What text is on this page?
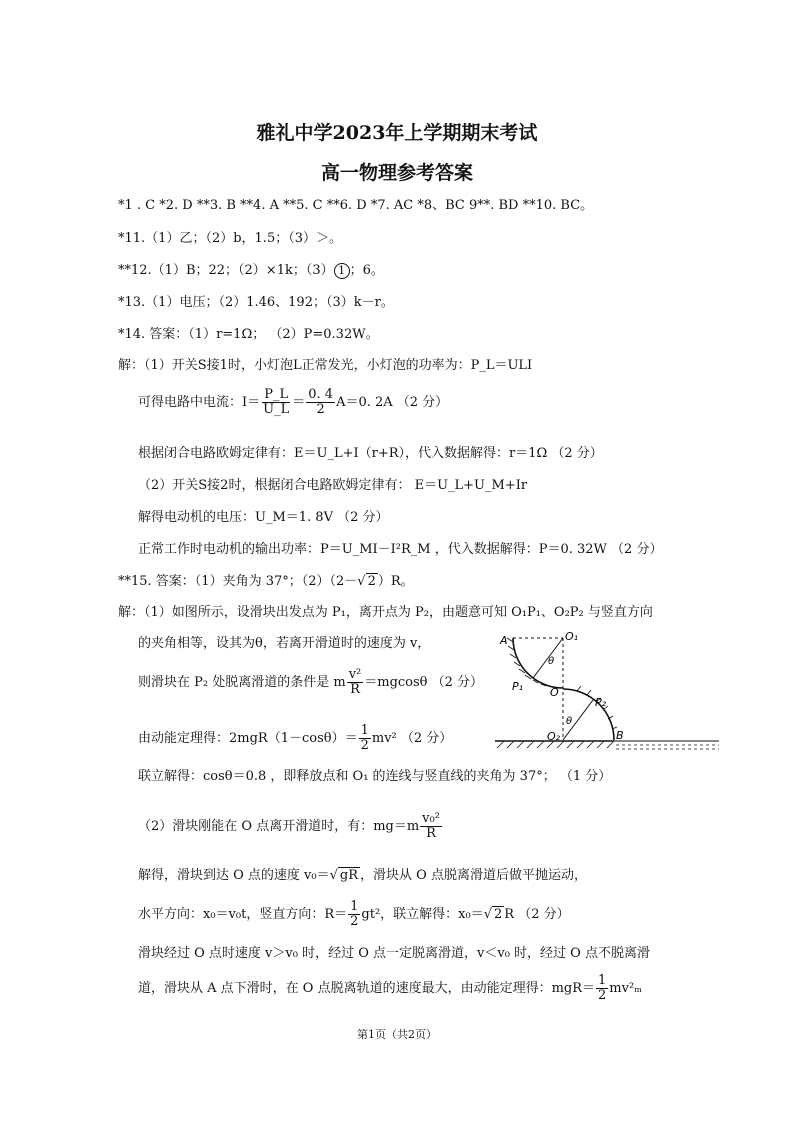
雅礼中学2023年上学期期末考试
高一物理参考答案
*1 . C *2. D **3. B **4. A **5. C **6. D *7. AC *8、BC 9**. BD **10. BC。
*11.（1）乙；（2）b，1.5；（3）＞。
**12.（1）B；22；（2）×1k；（3） 1 ；6。
*13.（1）电压；（2）1.46、192；（3）k－r。
*14. 答案：（1）r=1Ω； （2）P=0.32W。
解：（1）开关S接1时，小灯泡L正常发光，小灯泡的功率为：P_L＝ULI
可得电路中电流：$I= \frac{P\_L}{U\_L} = \frac{0. 4}{2} A=0$. 2A （2 分）
根据闭合电路欧姆定律有：E＝U_L+I（r+R），代入数据解得：r＝1Ω （2 分）
（2）开关S接2时，根据闭合电路欧姆定律有： E＝U_L+U_M+Ir
解得电动机的电压：U_M＝1. 8V （2 分）
正常工作时电动机的输出功率：P＝U_MI－I²R_M ，代入数据解得：P＝0. 32W （2 分）
**15. 答案：（1）夹角为 37°；（2）（2－√ 2 ）R。
解：（1）如图所示，设滑块出发点为 P₁，离开点为 P₂，由题意可知 O₁P₁、O₂P₂ 与竖直方向
的夹角相等，设其为θ，若离开滑道时的速度为 v，
则滑块在 P₂ 处脱离滑道的条件是 m $\frac{\text{v²}}{R} =mgcos\theta$ （2 分）
由动能定理得：$2mgR(1-\cos\theta)= \frac{1}{2} mv^2$ （2 分）
联立解得：cosθ＝0.8 ，即释放点和 O₁ 的连线与竖直线的夹角为 37°； （1 分）
（2）滑块刚能在 O 点离开滑道时，有：$mg=m \frac{\text{v₀²}}{R}$
解得，滑块到达 O 点的速度 v₀＝√ gR ，滑块从 O 点脱离滑道后做平抛运动，
水平方向：x₀＝v₀t，竖直方向：$R= \frac{1}{2} gt^2$，联立解得：x₀＝√ 2 R （2 分）
滑块经过 O 点时速度 v＞v₀ 时，经过 O 点一定脱离滑道，v＜v₀ 时，经过 O 点不脱离滑
道，滑块从 A 点下滑时，在 O 点脱离轨道的速度最大，由动能定理得：$mgR= \frac{1}{2} mv^2_m$
A	O₁
θ
P₁ O
P₂
θ
O₂	B
第1页（共2页）
